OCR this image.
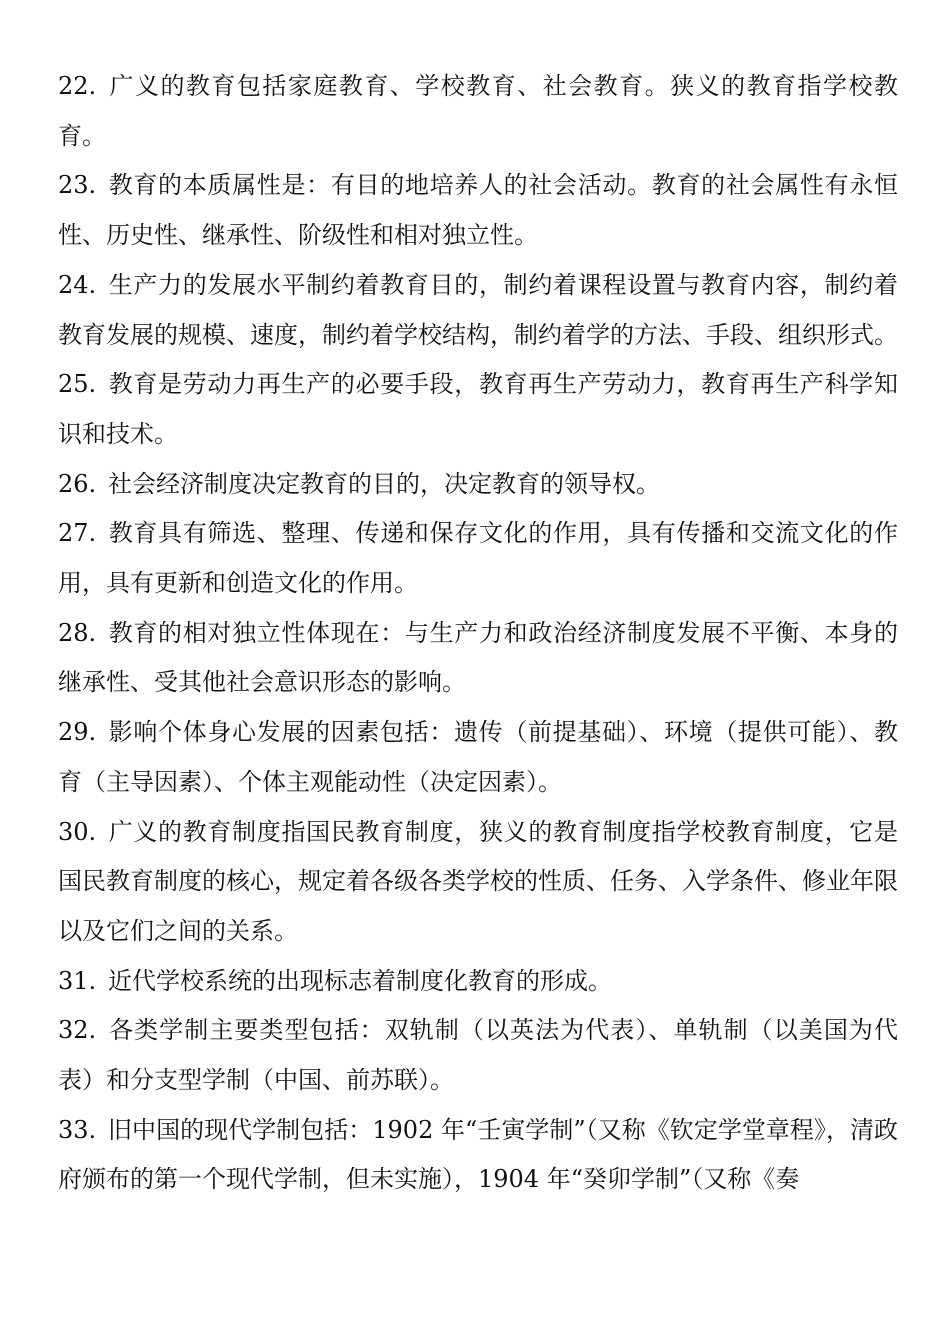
22. 广义的教育包括家庭教育、学校教育、社会教育。狭义的教育指学校教育。

23. 教育的本质属性是：有目的地培养人的社会活动。教育的社会属性有永恒性、历史性、继承性、阶级性和相对独立性。

24. 生产力的发展水平制约着教育目的，制约着课程设置与教育内容，制约着教育发展的规模、速度，制约着学校结构，制约着学的方法、手段、组织形式。

25. 教育是劳动力再生产的必要手段，教育再生产劳动力，教育再生产科学知识和技术。

26. 社会经济制度决定教育的目的，决定教育的领导权。

27. 教育具有筛选、整理、传递和保存文化的作用，具有传播和交流文化的作用，具有更新和创造文化的作用。

28. 教育的相对独立性体现在：与生产力和政治经济制度发展不平衡、本身的继承性、受其他社会意识形态的影响。

29. 影响个体身心发展的因素包括：遗传（前提基础）、环境（提供可能）、教育（主导因素）、个体主观能动性（决定因素）。

30. 广义的教育制度指国民教育制度，狭义的教育制度指学校教育制度，它是国民教育制度的核心，规定着各级各类学校的性质、任务、入学条件、修业年限以及它们之间的关系。

31. 近代学校系统的出现标志着制度化教育的形成。

32. 各类学制主要类型包括：双轨制（以英法为代表）、单轨制（以美国为代表）和分支型学制（中国、前苏联）。

33. 旧中国的现代学制包括：1902 年“壬寅学制”（又称《钦定学堂章程》，清政府颁布的第一个现代学制，但未实施），1904 年“癸卯学制”（又称《奏
